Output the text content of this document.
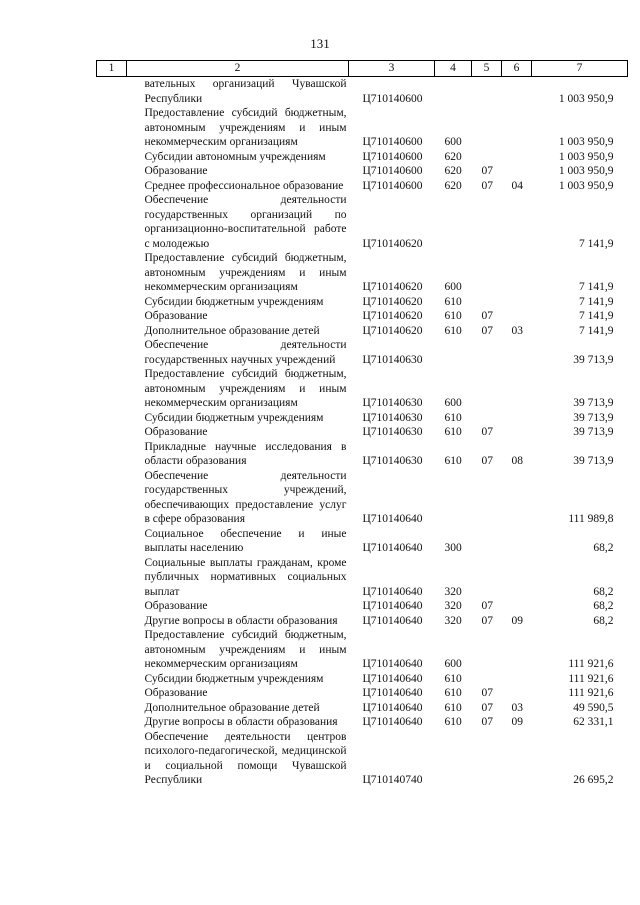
131
1	2	3	4	5	6	7
	вательных организаций Чувашской Республики	Ц710140600				1 003 950,9
	Предоставление субсидий бюджетным, автономным учреждениям и иным некоммерческим организациям	Ц710140600	600			1 003 950,9
	Субсидии автономным учреждениям	Ц710140600	620			1 003 950,9
	Образование	Ц710140600	620	07		1 003 950,9
	Среднее профессиональное образование	Ц710140600	620	07	04	1 003 950,9
	Обеспечение деятельности государственных организаций по организационно-воспитательной работе с молодежью	Ц710140620				7 141,9
	Предоставление субсидий бюджетным, автономным учреждениям и иным некоммерческим организациям	Ц710140620	600			7 141,9
	Субсидии бюджетным учреждениям	Ц710140620	610			7 141,9
	Образование	Ц710140620	610	07		7 141,9
	Дополнительное образование детей	Ц710140620	610	07	03	7 141,9
	Обеспечение деятельности государственных научных учреждений	Ц710140630				39 713,9
	Предоставление субсидий бюджетным, автономным учреждениям и иным некоммерческим организациям	Ц710140630	600			39 713,9
	Субсидии бюджетным учреждениям	Ц710140630	610			39 713,9
	Образование	Ц710140630	610	07		39 713,9
	Прикладные научные исследования в области образования	Ц710140630	610	07	08	39 713,9
	Обеспечение деятельности государственных учреждений, обеспечивающих предоставление услуг в сфере образования	Ц710140640				111 989,8
	Социальное обеспечение и иные выплаты населению	Ц710140640	300			68,2
	Социальные выплаты гражданам, кроме публичных нормативных социальных выплат	Ц710140640	320			68,2
	Образование	Ц710140640	320	07		68,2
	Другие вопросы в области образования	Ц710140640	320	07	09	68,2
	Предоставление субсидий бюджетным, автономным учреждениям и иным некоммерческим организациям	Ц710140640	600			111 921,6
	Субсидии бюджетным учреждениям	Ц710140640	610			111 921,6
	Образование	Ц710140640	610	07		111 921,6
	Дополнительное образование детей	Ц710140640	610	07	03	49 590,5
	Другие вопросы в области образования	Ц710140640	610	07	09	62 331,1
	Обеспечение деятельности центров психолого-педагогической, медицинской и социальной помощи Чувашской Республики	Ц710140740				26 695,2
